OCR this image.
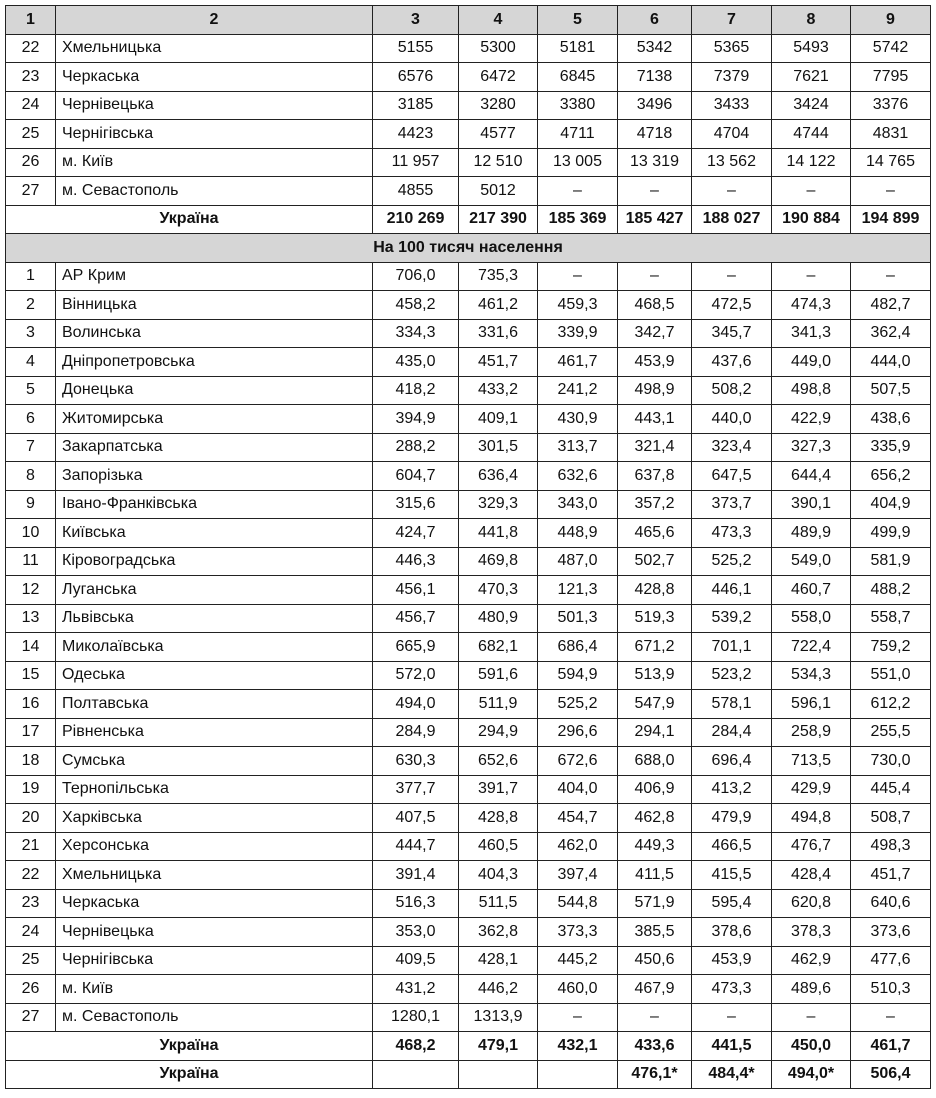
1	2	3	4	5	6	7	8	9
22	Хмельницька	5155	5300	5181	5342	5365	5493	5742
23	Черкаська	6576	6472	6845	7138	7379	7621	7795
24	Чернівецька	3185	3280	3380	3496	3433	3424	3376
25	Чернігівська	4423	4577	4711	4718	4704	4744	4831
26	м. Київ	11 957	12 510	13 005	13 319	13 562	14 122	14 765
27	м. Севастополь	4855	5012	–	–	–	–	–
Україна		210 269	217 390	185 369	185 427	188 027	190 884	194 899
На 100 тисяч населення								
1	АР Крим	706,0	735,3	–	–	–	–	–
2	Вінницька	458,2	461,2	459,3	468,5	472,5	474,3	482,7
3	Волинська	334,3	331,6	339,9	342,7	345,7	341,3	362,4
4	Дніпропетровська	435,0	451,7	461,7	453,9	437,6	449,0	444,0
5	Донецька	418,2	433,2	241,2	498,9	508,2	498,8	507,5
6	Житомирська	394,9	409,1	430,9	443,1	440,0	422,9	438,6
7	Закарпатська	288,2	301,5	313,7	321,4	323,4	327,3	335,9
8	Запорізька	604,7	636,4	632,6	637,8	647,5	644,4	656,2
9	Івано-Франківська	315,6	329,3	343,0	357,2	373,7	390,1	404,9
10	Київська	424,7	441,8	448,9	465,6	473,3	489,9	499,9
11	Кіровоградська	446,3	469,8	487,0	502,7	525,2	549,0	581,9
12	Луганська	456,1	470,3	121,3	428,8	446,1	460,7	488,2
13	Львівська	456,7	480,9	501,3	519,3	539,2	558,0	558,7
14	Миколаївська	665,9	682,1	686,4	671,2	701,1	722,4	759,2
15	Одеська	572,0	591,6	594,9	513,9	523,2	534,3	551,0
16	Полтавська	494,0	511,9	525,2	547,9	578,1	596,1	612,2
17	Рівненська	284,9	294,9	296,6	294,1	284,4	258,9	255,5
18	Сумська	630,3	652,6	672,6	688,0	696,4	713,5	730,0
19	Тернопільська	377,7	391,7	404,0	406,9	413,2	429,9	445,4
20	Харківська	407,5	428,8	454,7	462,8	479,9	494,8	508,7
21	Херсонська	444,7	460,5	462,0	449,3	466,5	476,7	498,3
22	Хмельницька	391,4	404,3	397,4	411,5	415,5	428,4	451,7
23	Черкаська	516,3	511,5	544,8	571,9	595,4	620,8	640,6
24	Чернівецька	353,0	362,8	373,3	385,5	378,6	378,3	373,6
25	Чернігівська	409,5	428,1	445,2	450,6	453,9	462,9	477,6
26	м. Київ	431,2	446,2	460,0	467,9	473,3	489,6	510,3
27	м. Севастополь	1280,1	1313,9	–	–	–	–	–
Україна		468,2	479,1	432,1	433,6	441,5	450,0	461,7
Україна					476,1*	484,4*	494,0*	506,4
